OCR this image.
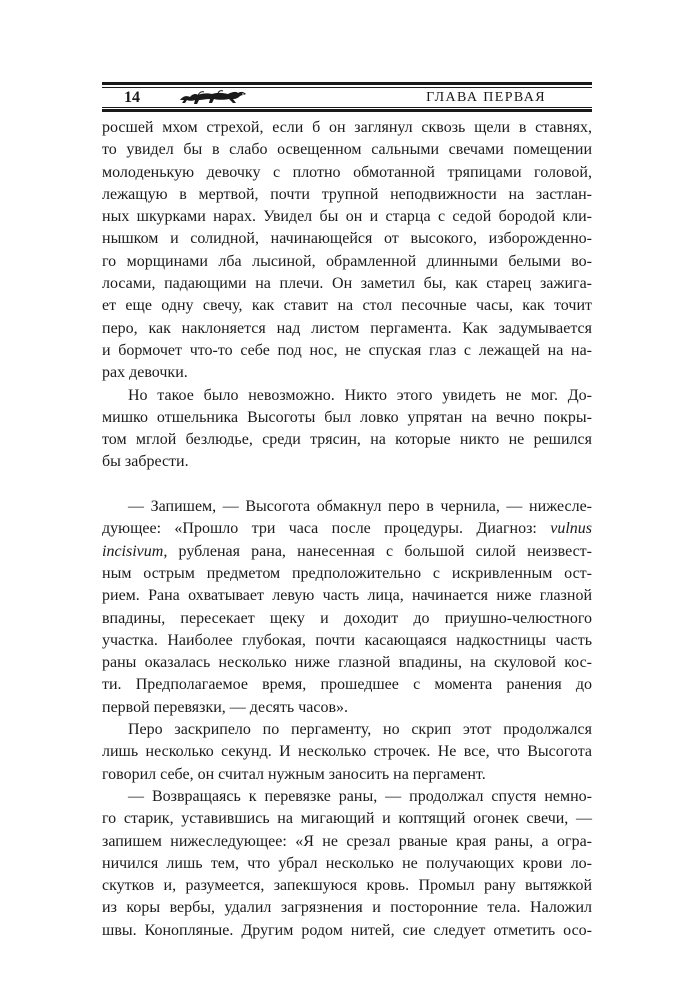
14	ГЛАВА ПЕРВАЯ
росшей мхом стрехой, если б он заглянул сквозь щели в ставнях,
то увидел бы в слабо освещенном сальными свечами помещении
молоденькую девочку с плотно обмотанной тряпицами головой,
лежащую в мертвой, почти трупной неподвижности на застлан-
ных шкурками нарах. Увидел бы он и старца с седой бородой кли-
нышком и солидной, начинающейся от высокого, изборожденно-
го морщинами лба лысиной, обрамленной длинными белыми во-
лосами, падающими на плечи. Он заметил бы, как старец зажига-
ет еще одну свечу, как ставит на стол песочные часы, как точит
перо, как наклоняется над листом пергамента. Как задумывается
и бормочет что-то себе под нос, не спуская глаз с лежащей на на-
рах девочки.
Но такое было невозможно. Никто этого увидеть не мог. До-
мишко отшельника Высоготы был ловко упрятан на вечно покры-
том мглой безлюдье, среди трясин, на которые никто не решился
бы забрести.
— Запишем, — Высогота обмакнул перо в чернила, — нижесле-
дующее: «Прошло три часа после процедуры. Диагноз: vulnus
incisivum, рубленая рана, нанесенная с большой силой неизвест-
ным острым предметом предположительно с искривленным ост-
рием. Рана охватывает левую часть лица, начинается ниже глазной
впадины, пересекает щеку и доходит до приушно-челюстного
участка. Наиболее глубокая, почти касающаяся надкостницы часть
раны оказалась несколько ниже глазной впадины, на скуловой кос-
ти. Предполагаемое время, прошедшее с момента ранения до
первой перевязки, — десять часов».
Перо заскрипело по пергаменту, но скрип этот продолжался
лишь несколько секунд. И несколько строчек. Не все, что Высогота
говорил себе, он считал нужным заносить на пергамент.
— Возвращаясь к перевязке раны, — продолжал спустя немно-
го старик, уставившись на мигающий и коптящий огонек свечи, —
запишем нижеследующее: «Я не срезал рваные края раны, а огра-
ничился лишь тем, что убрал несколько не получающих крови ло-
скутков и, разумеется, запекшуюся кровь. Промыл рану вытяжкой
из коры вербы, удалил загрязнения и посторонние тела. Наложил
швы. Конопляные. Другим родом нитей, сие следует отметить осо-
